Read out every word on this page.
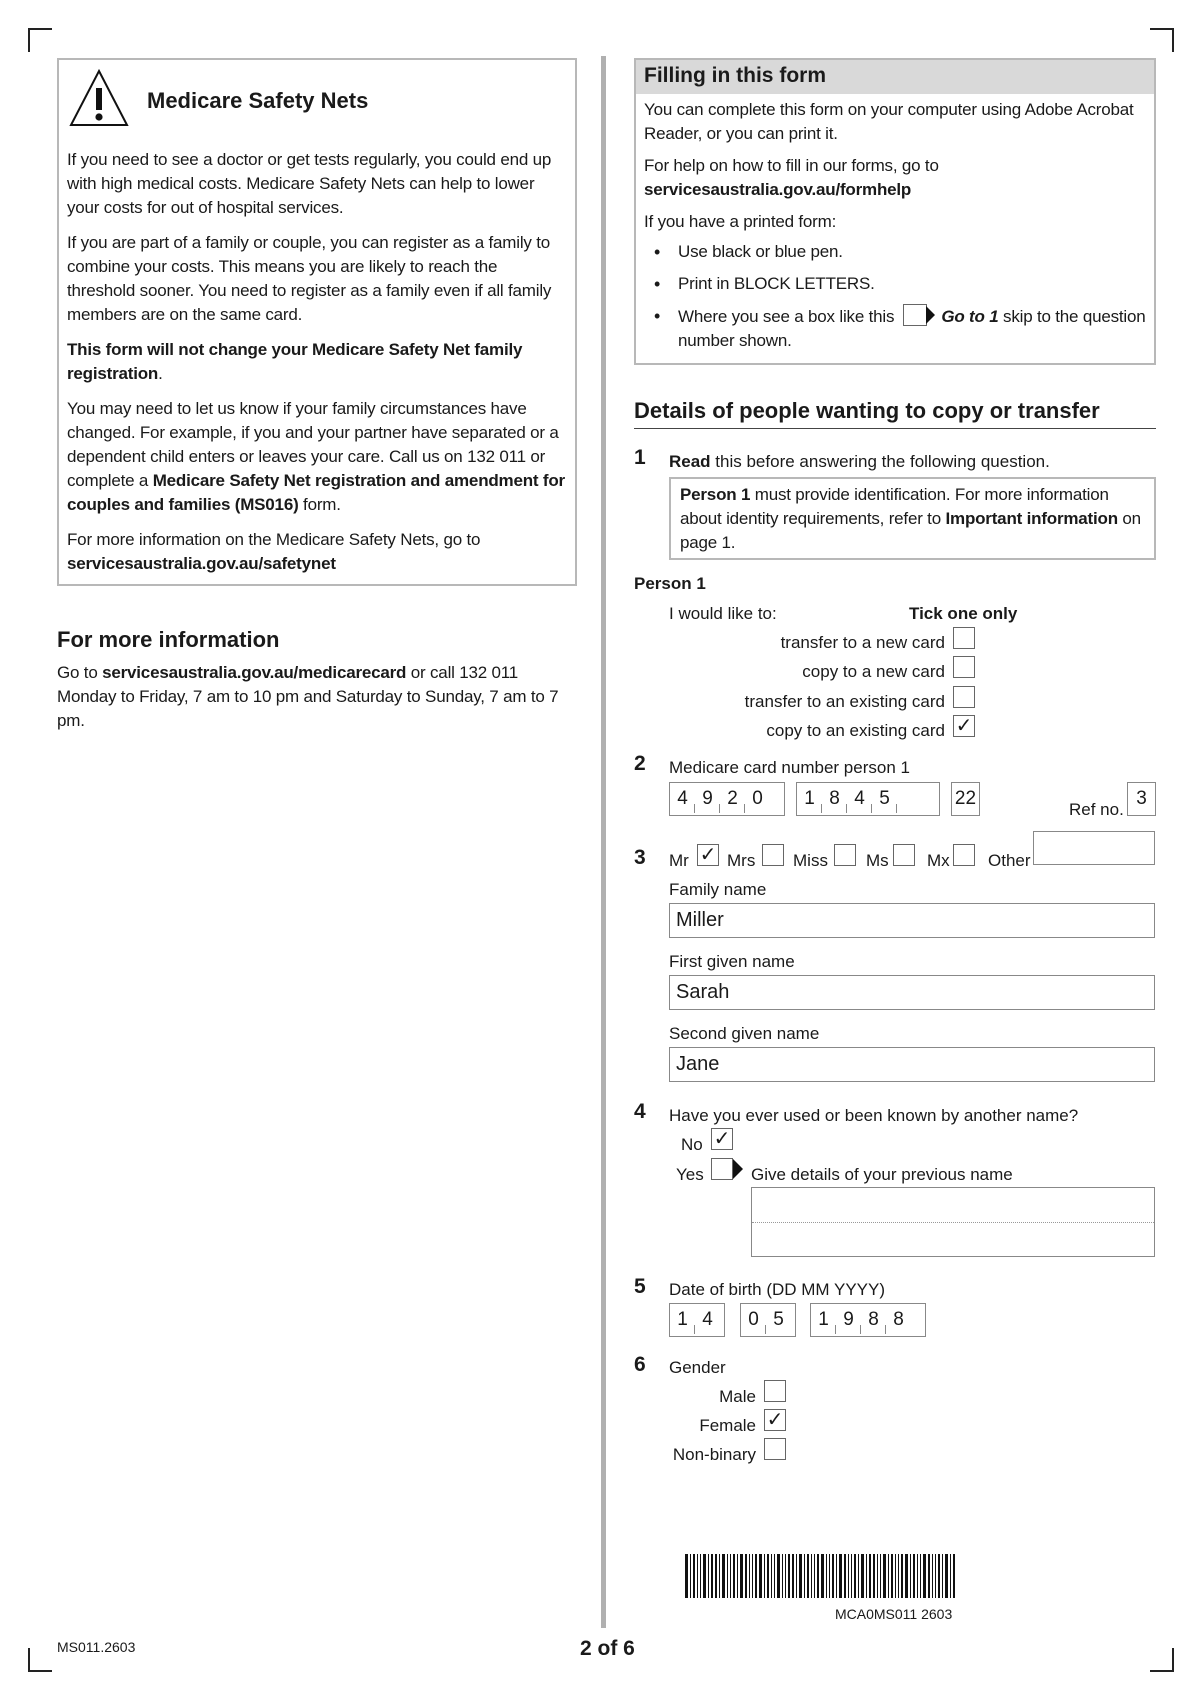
Medicare Safety Nets

If you need to see a doctor or get tests regularly, you could end up with high medical costs. Medicare Safety Nets can help to lower your costs for out of hospital services.

If you are part of a family or couple, you can register as a family to combine your costs. This means you are likely to reach the threshold sooner. You need to register as a family even if all family members are on the same card.

This form will not change your Medicare Safety Net family registration.

You may need to let us know if your family circumstances have changed. For example, if you and your partner have separated or a dependent child enters or leaves your care. Call us on 132 011 or complete a Medicare Safety Net registration and amendment for couples and families (MS016) form.

For more information on the Medicare Safety Nets, go to
servicesaustralia.gov.au/safetynet

For more information
Go to servicesaustralia.gov.au/medicarecard or call 132 011 Monday to Friday, 7 am to 10 pm and Saturday to Sunday, 7 am to 7 pm.
Filling in this form

You can complete this form on your computer using Adobe Acrobat Reader, or you can print it.

For help on how to fill in our forms, go to
servicesaustralia.gov.au/formhelp

If you have a printed form:

• Use black or blue pen.
• Print in BLOCK LETTERS.
• Where you see a box like this	Go to 1 skip to the question number shown.
Details of people wanting to copy or transfer
1 Read this before answering the following question.
Person 1 must provide identification. For more information about identity requirements, refer to Important information on page 1.
Person 1
I would like to:	Tick one only
transfer to a new card
copy to a new card
transfer to an existing card
copy to an existing card ✓
2 Medicare card number person 1
4 9 2 0	1 8 4 5	22
Ref no.
3
3 Mr ✓ Mrs Miss Ms Mx Other
Family name
Miller
First given name
Sarah
Second given name
Jane
4 Have you ever used or been known by another name?
No ✓
Yes	Give details of your previous name
5 Date of birth (DD MM YYYY)
1 4	0 5	1 9 8 8
6 Gender
Male
Female ✓
Non-binary
MCA0MS011 2603
MS011.2603	2 of 6
